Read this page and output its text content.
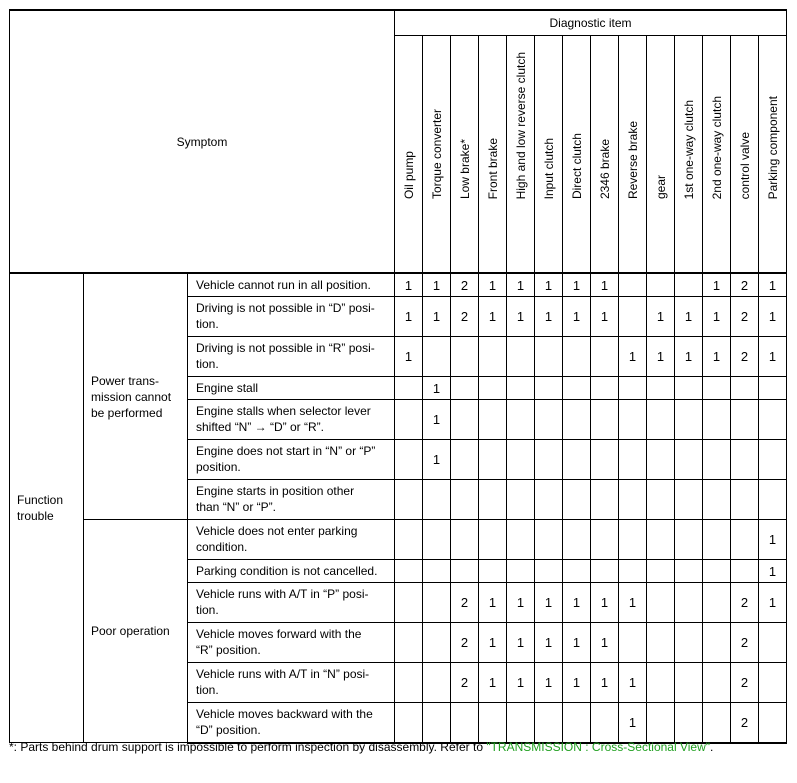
Symptom			Diagnostic item													
			Oil pump	Torque converter	Low brake*	Front brake	High and low reverse clutch	Input clutch	Direct clutch	2346 brake	Reverse brake	gear	1st one-way clutch	2nd one-way clutch	control valve	Parking component
Function trouble	Power trans-
mission cannot
be performed	Vehicle cannot run in all position.	1	1	2	1	1	1	1	1				1	2	1
		Driving is not possible in “D” posi-
tion.	1	1	2	1	1	1	1	1		1	1	1	2	1
		Driving is not possible in “R” posi-
tion.	1								1	1	1	1	2	1
		Engine stall		1												
		Engine stalls when selector lever
shifted “N” → “D” or “R”.		1												
		Engine does not start in “N” or “P”
position.		1												
		Engine starts in position other
than “N” or “P”.														
	Poor operation	Vehicle does not enter parking
condition.														1
		Parking condition is not cancelled.														1
		Vehicle runs with A/T in “P” posi-
tion.			2	1	1	1	1	1	1				2	1
		Vehicle moves forward with the
“R” position.			2	1	1	1	1	1					2	
		Vehicle runs with A/T in “N” posi-
tion.			2	1	1	1	1	1	1				2	
		Vehicle moves backward with the
“D” position.									1				2	
*: Parts behind drum support is impossible to perform inspection by disassembly. Refer to "TRANSMISSION : Cross-Sectional View".
